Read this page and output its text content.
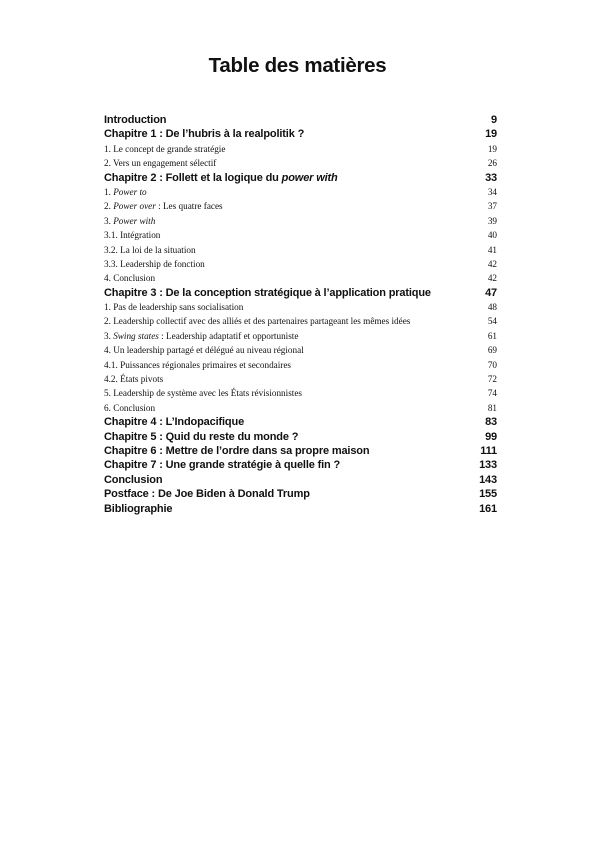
Table des matières
Introduction	9
Chapitre 1 : De l’hubris à la realpolitik ?	19
1. Le concept de grande stratégie	19
2. Vers un engagement sélectif	26
Chapitre 2 : Follett et la logique du power with	33
1. Power to	34
2. Power over : Les quatre faces	37
3. Power with	39
3.1. Intégration	40
3.2. La loi de la situation	41
3.3. Leadership de fonction	42
4. Conclusion	42
Chapitre 3 : De la conception stratégique à l’application pratique	47
1. Pas de leadership sans socialisation	48
2. Leadership collectif avec des alliés et des partenaires partageant les mêmes idées	54
3. Swing states : Leadership adaptatif et opportuniste	61
4. Un leadership partagé et délégué au niveau régional	69
4.1. Puissances régionales primaires et secondaires	70
4.2. États pivots	72
5. Leadership de système avec les États révisionnistes	74
6. Conclusion	81
Chapitre 4 : L’Indopacifique	83
Chapitre 5 : Quid du reste du monde ?	99
Chapitre 6 : Mettre de l’ordre dans sa propre maison	111
Chapitre 7 : Une grande stratégie à quelle fin ?	133
Conclusion	143
Postface : De Joe Biden à Donald Trump	155
Bibliographie	161
